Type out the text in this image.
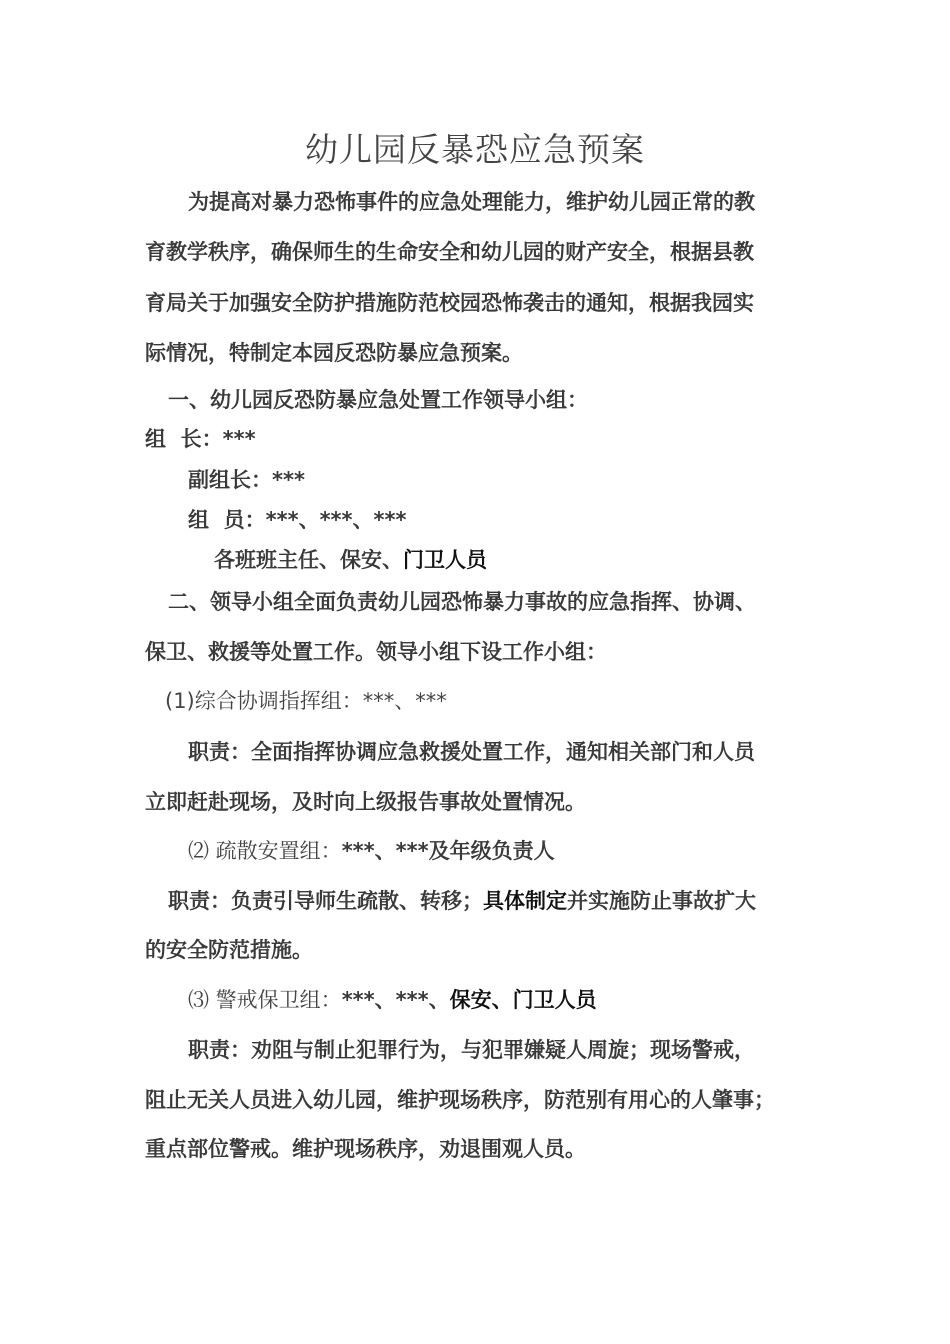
幼儿园反暴恐应急预案
为提高对暴力恐怖事件的应急处理能力，维护幼儿园正常的教
育教学秩序，确保师生的生命安全和幼儿园的财产安全，根据县教
育局关于加强安全防护措施防范校园恐怖袭击的通知，根据我园实
际情况，特制定本园反恐防暴应急预案。
一、幼儿园反恐防暴应急处置工作领导小组：
组  长：***
副组长：***
组  员：***、***、***
各班班主任、保安、门卫人员
二、领导小组全面负责幼儿园恐怖暴力事故的应急指挥、协调、
保卫、救援等处置工作。领导小组下设工作小组：
(1)综合协调指挥组：***、***
职责：全面指挥协调应急救援处置工作，通知相关部门和人员
立即赶赴现场，及时向上级报告事故处置情况。
⑵ 疏散安置组：***、***及年级负责人
职责：负责引导师生疏散、转移；具体制定并实施防止事故扩大
的安全防范措施。
⑶ 警戒保卫组：***、***、保安、门卫人员
职责：劝阻与制止犯罪行为，与犯罪嫌疑人周旋；现场警戒，
阻止无关人员进入幼儿园，维护现场秩序，防范别有用心的人肇事；
重点部位警戒。维护现场秩序，劝退围观人员。
